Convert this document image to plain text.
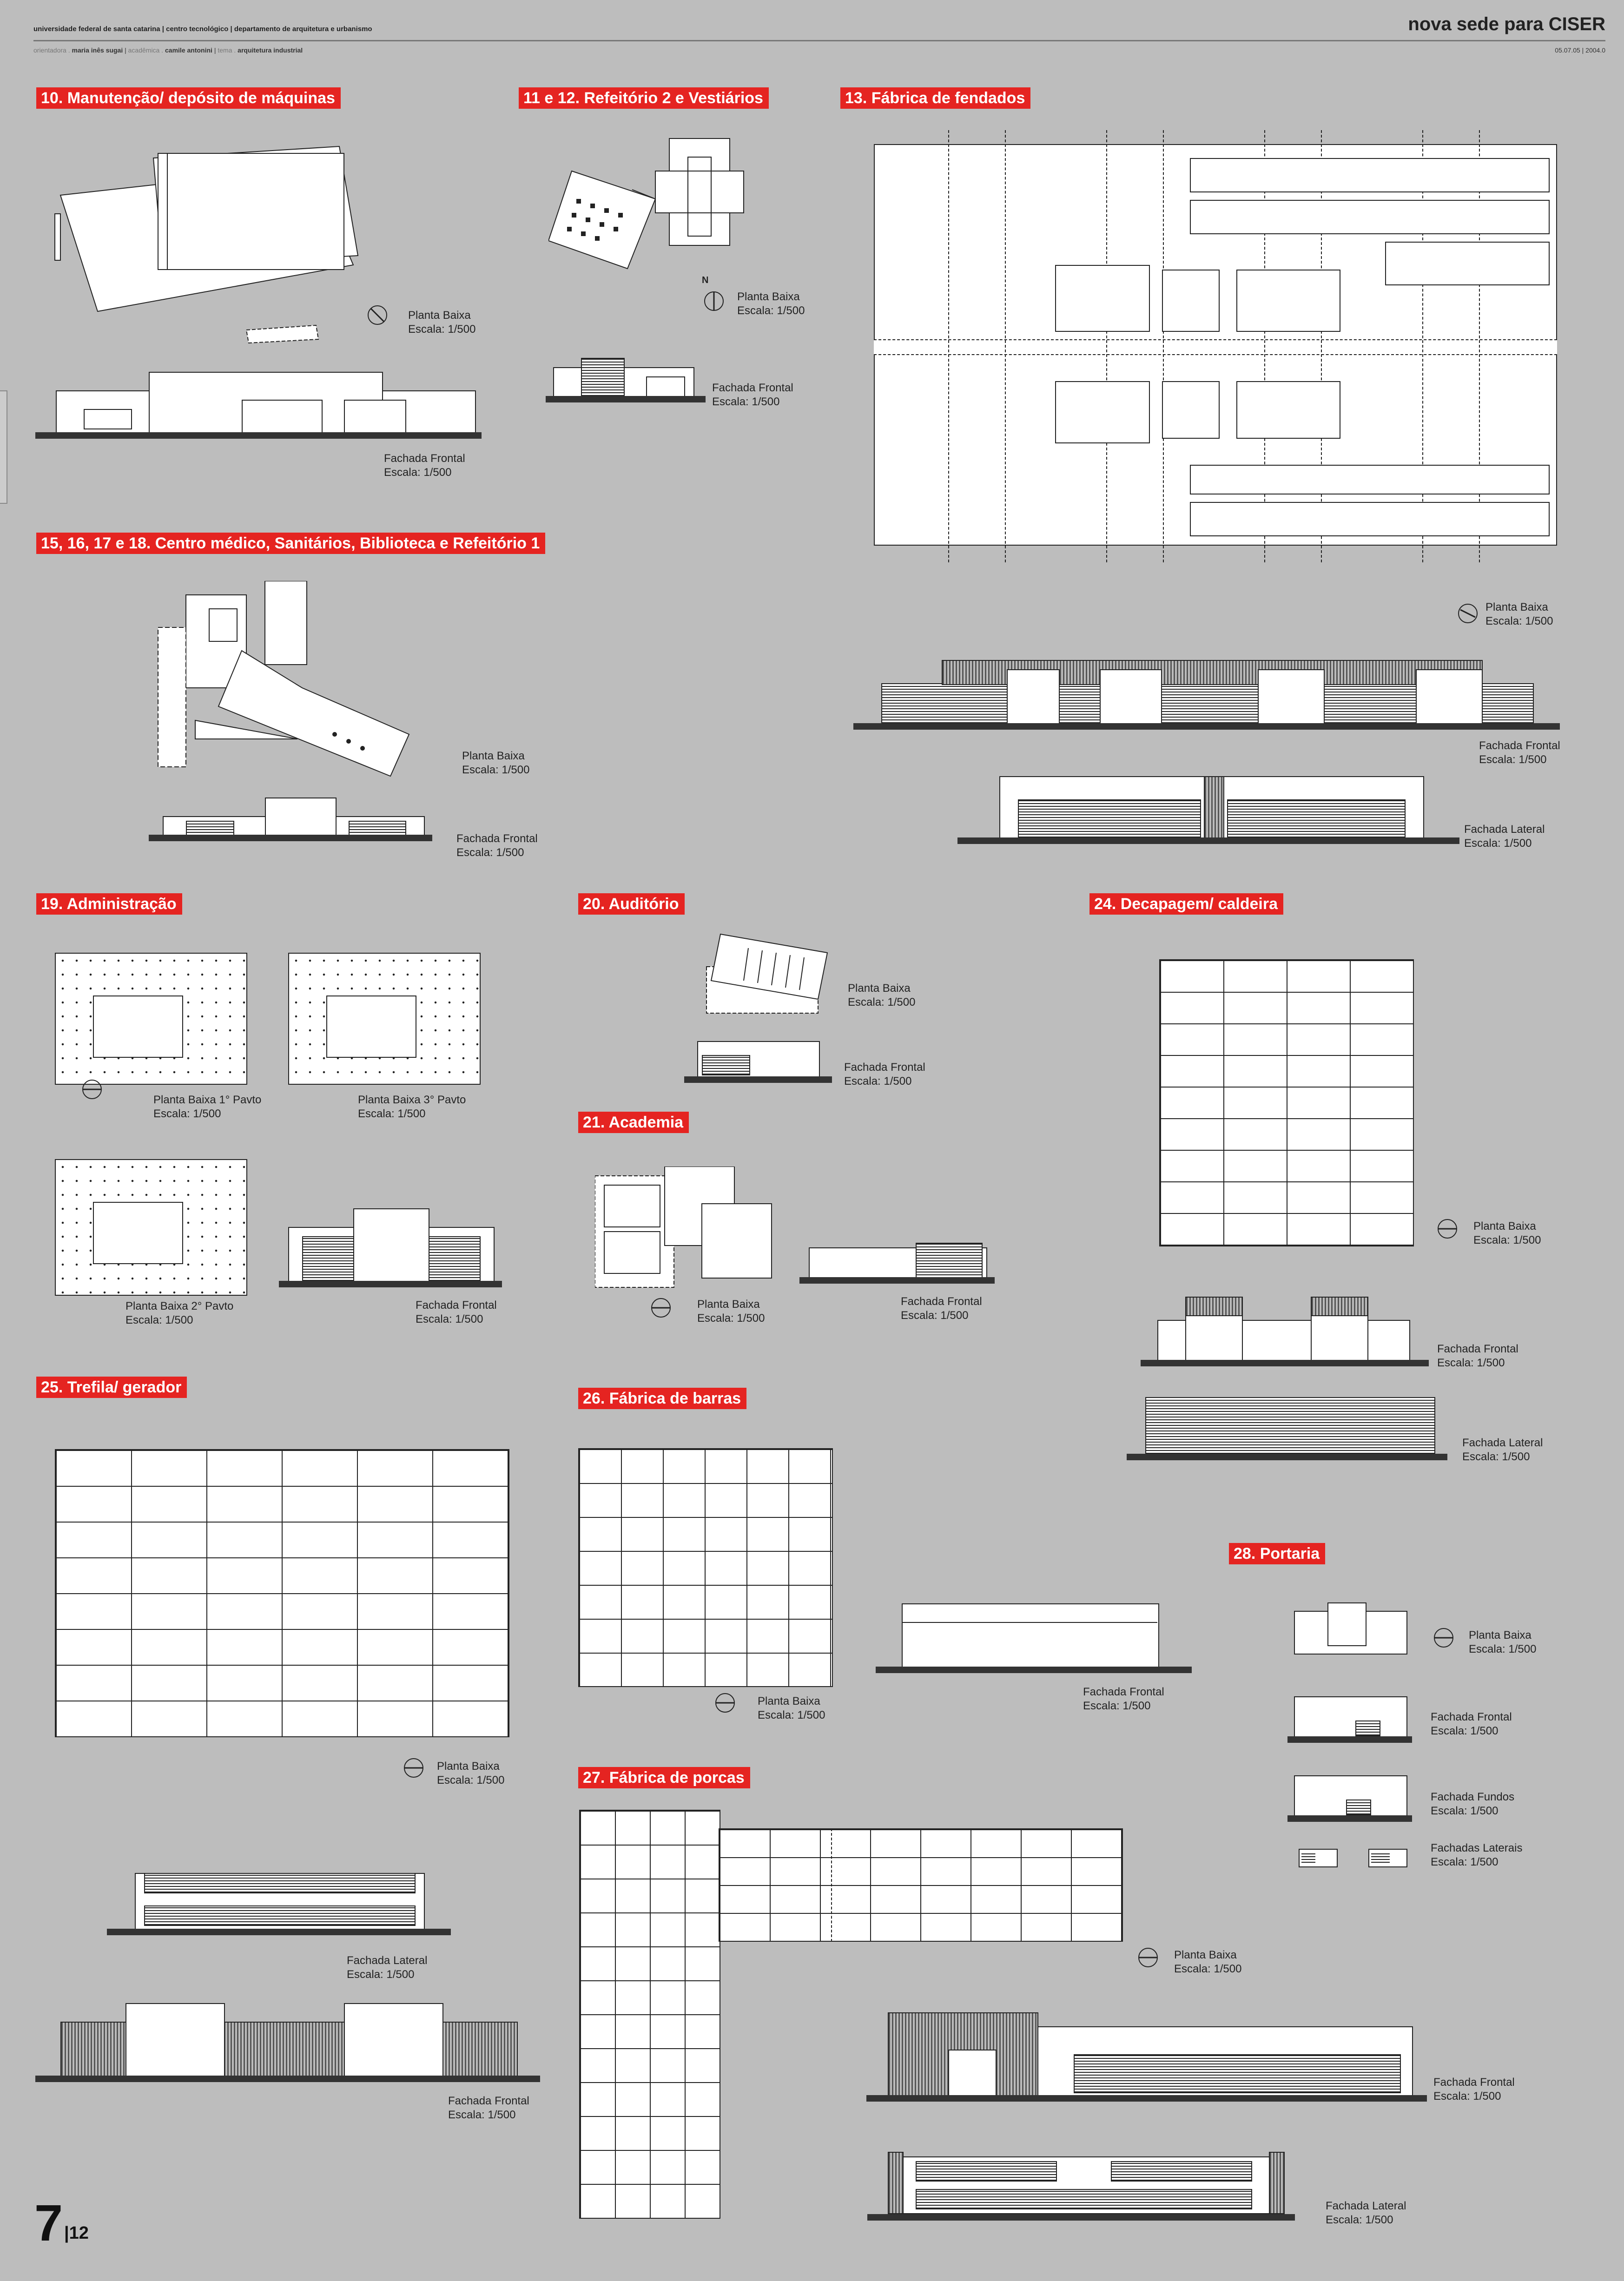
universidade federal de santa catarina | centro tecnológico | departamento de arquitetura e urbanismo	nova sede para CISER
orientadora . maria inês sugai | acadêmica . camile antonini | tema . arquitetura industrial	05.07.05 | 2004.0
10. Manutenção/ depósito de máquinas
Planta Baixa
Escala: 1/500
Fachada Frontal
Escala: 1/500
11 e 12. Refeitório 2 e Vestiários
N
Planta Baixa
Escala: 1/500
Fachada Frontal
Escala: 1/500
13. Fábrica de fendados
Planta Baixa
Escala: 1/500
Fachada Frontal
Escala: 1/500
Fachada Lateral
Escala: 1/500
15, 16, 17 e 18. Centro médico, Sanitários, Biblioteca e Refeitório 1
Planta Baixa
Escala: 1/500
Fachada Frontal
Escala: 1/500
19. Administração
Planta Baixa 1° Pavto
Escala: 1/500
Planta Baixa 3° Pavto
Escala: 1/500
Planta Baixa 2° Pavto
Escala: 1/500
Fachada Frontal
Escala: 1/500
20. Auditório
Planta Baixa
Escala: 1/500
Fachada Frontal
Escala: 1/500
21. Academia
Planta Baixa
Escala: 1/500
Fachada Frontal
Escala: 1/500
24. Decapagem/ caldeira
Planta Baixa
Escala: 1/500
Fachada Frontal
Escala: 1/500
Fachada Lateral
Escala: 1/500
25. Trefila/ gerador
Planta Baixa
Escala: 1/500
Fachada Lateral
Escala: 1/500
Fachada Frontal
Escala: 1/500
26. Fábrica de barras
Planta Baixa
Escala: 1/500
Fachada Frontal
Escala: 1/500
27. Fábrica de porcas
Planta Baixa
Escala: 1/500
Fachada Frontal
Escala: 1/500
Fachada Lateral
Escala: 1/500
28. Portaria
Planta Baixa
Escala: 1/500
Fachada Frontal
Escala: 1/500
Fachada Fundos
Escala: 1/500
Fachadas Laterais
Escala: 1/500
7 |12
